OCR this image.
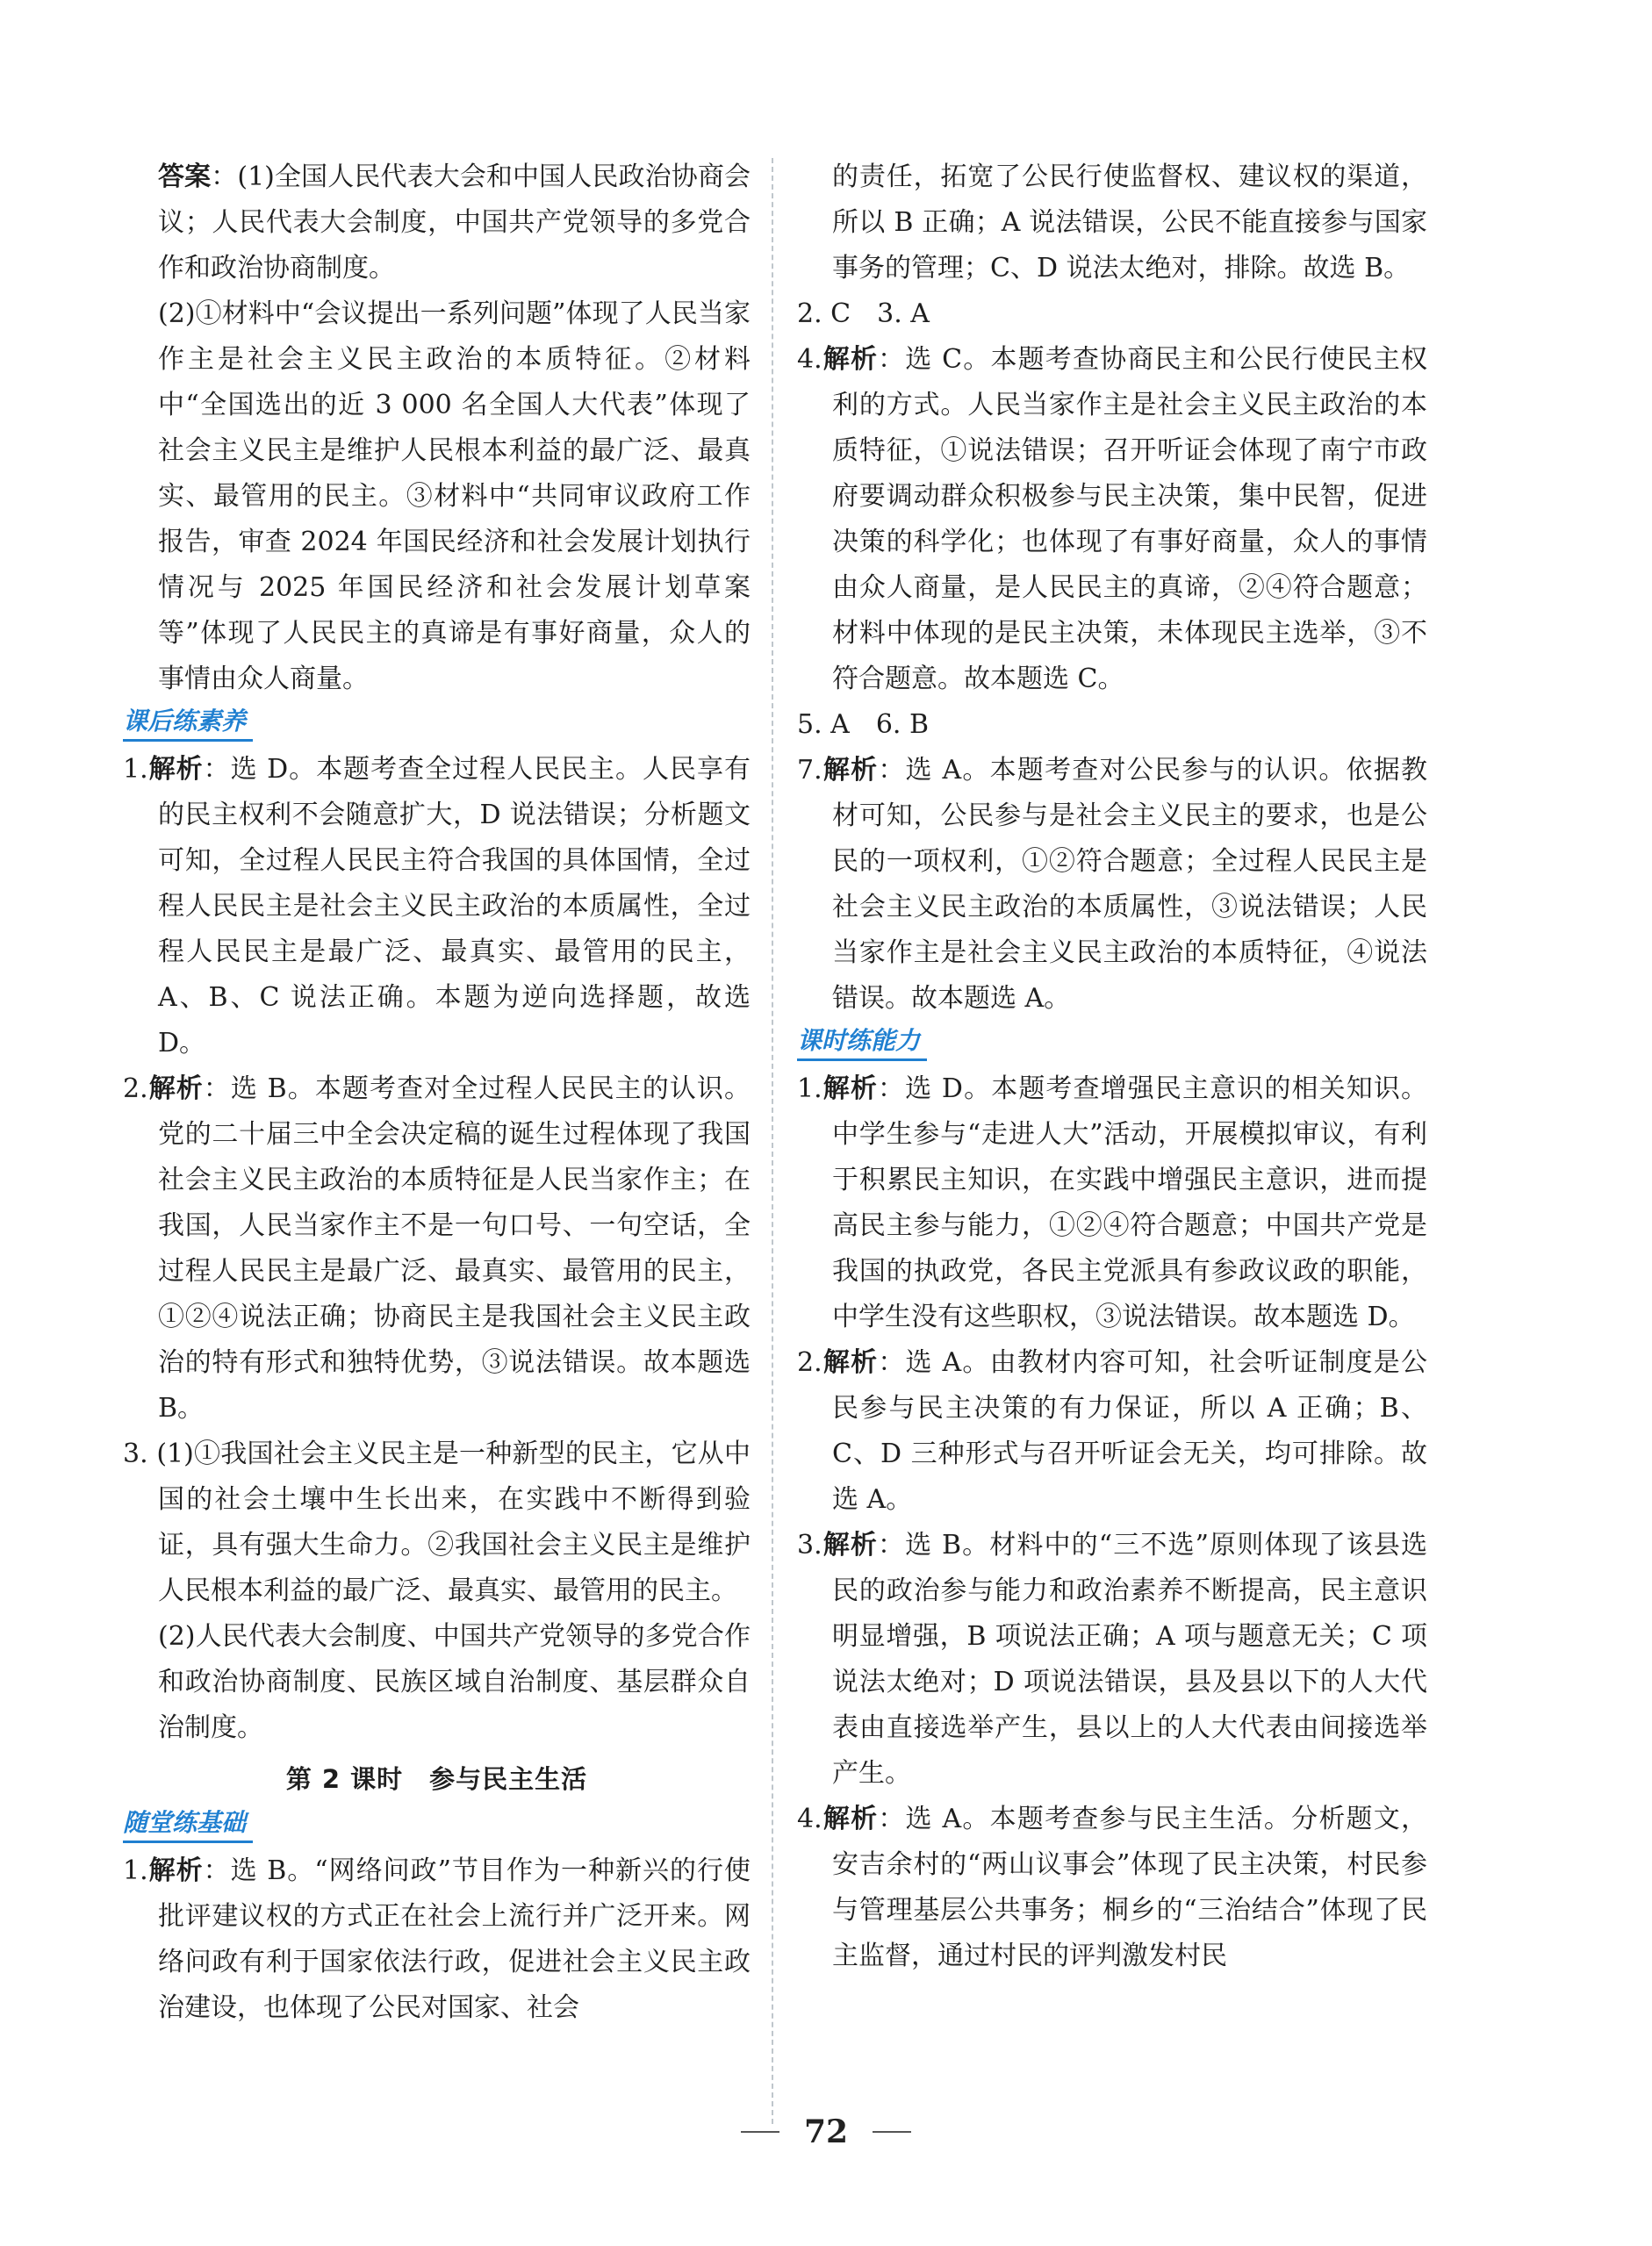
答案：(1)全国人民代表大会和中国人民政治协商会议；人民代表大会制度，中国共产党领导的多党合作和政治协商制度。

(2)①材料中“会议提出一系列问题”体现了人民当家作主是社会主义民主政治的本质特征。②材料中“全国选出的近 3 000 名全国人大代表”体现了社会主义民主是维护人民根本利益的最广泛、最真实、最管用的民主。③材料中“共同审议政府工作报告，审查 2024 年国民经济和社会发展计划执行情况与 2025 年国民经济和社会发展计划草案等”体现了人民民主的真谛是有事好商量，众人的事情由众人商量。

课后练素养

1.解析：选 D。本题考查全过程人民民主。人民享有的民主权利不会随意扩大，D 说法错误；分析题文可知，全过程人民民主符合我国的具体国情，全过程人民民主是社会主义民主政治的本质属性，全过程人民民主是最广泛、最真实、最管用的民主，A、B、C 说法正确。本题为逆向选择题，故选 D。

2.解析：选 B。本题考查对全过程人民民主的认识。党的二十届三中全会决定稿的诞生过程体现了我国社会主义民主政治的本质特征是人民当家作主；在我国，人民当家作主不是一句口号、一句空话，全过程人民民主是最广泛、最真实、最管用的民主，①②④说法正确；协商民主是我国社会主义民主政治的特有形式和独特优势，③说法错误。故本题选 B。

3. (1)①我国社会主义民主是一种新型的民主，它从中国的社会土壤中生长出来，在实践中不断得到验证，具有强大生命力。②我国社会主义民主是维护人民根本利益的最广泛、最真实、最管用的民主。

(2)人民代表大会制度、中国共产党领导的多党合作和政治协商制度、民族区域自治制度、基层群众自治制度。

第 2 课时　参与民主生活

随堂练基础

1.解析：选 B。“网络问政”节目作为一种新兴的行使批评建议权的方式正在社会上流行并广泛开来。网络问政有利于国家依法行政，促进社会主义民主政治建设，也体现了公民对国家、社会

的责任，拓宽了公民行使监督权、建议权的渠道，所以 B 正确；A 说法错误，公民不能直接参与国家事务的管理；C、D 说法太绝对，排除。故选 B。

2. C　3. A

4.解析：选 C。本题考查协商民主和公民行使民主权利的方式。人民当家作主是社会主义民主政治的本质特征，①说法错误；召开听证会体现了南宁市政府要调动群众积极参与民主决策，集中民智，促进决策的科学化；也体现了有事好商量，众人的事情由众人商量，是人民民主的真谛，②④符合题意；材料中体现的是民主决策，未体现民主选举，③不符合题意。故本题选 C。

5. A　6. B

7.解析：选 A。本题考查对公民参与的认识。依据教材可知，公民参与是社会主义民主的要求，也是公民的一项权利，①②符合题意；全过程人民民主是社会主义民主政治的本质属性，③说法错误；人民当家作主是社会主义民主政治的本质特征，④说法错误。故本题选 A。

课时练能力

1.解析：选 D。本题考查增强民主意识的相关知识。中学生参与“走进人大”活动，开展模拟审议，有利于积累民主知识，在实践中增强民主意识，进而提高民主参与能力，①②④符合题意；中国共产党是我国的执政党，各民主党派具有参政议政的职能，中学生没有这些职权，③说法错误。故本题选 D。

2.解析：选 A。由教材内容可知，社会听证制度是公民参与民主决策的有力保证，所以 A 正确；B、C、D 三种形式与召开听证会无关，均可排除。故选 A。

3.解析：选 B。材料中的“三不选”原则体现了该县选民的政治参与能力和政治素养不断提高，民主意识明显增强，B 项说法正确；A 项与题意无关；C 项说法太绝对；D 项说法错误，县及县以下的人大代表由直接选举产生，县以上的人大代表由间接选举产生。

4.解析：选 A。本题考查参与民主生活。分析题文，安吉余村的“两山议事会”体现了民主决策，村民参与管理基层公共事务；桐乡的“三治结合”体现了民主监督，通过村民的评判激发村民

72
